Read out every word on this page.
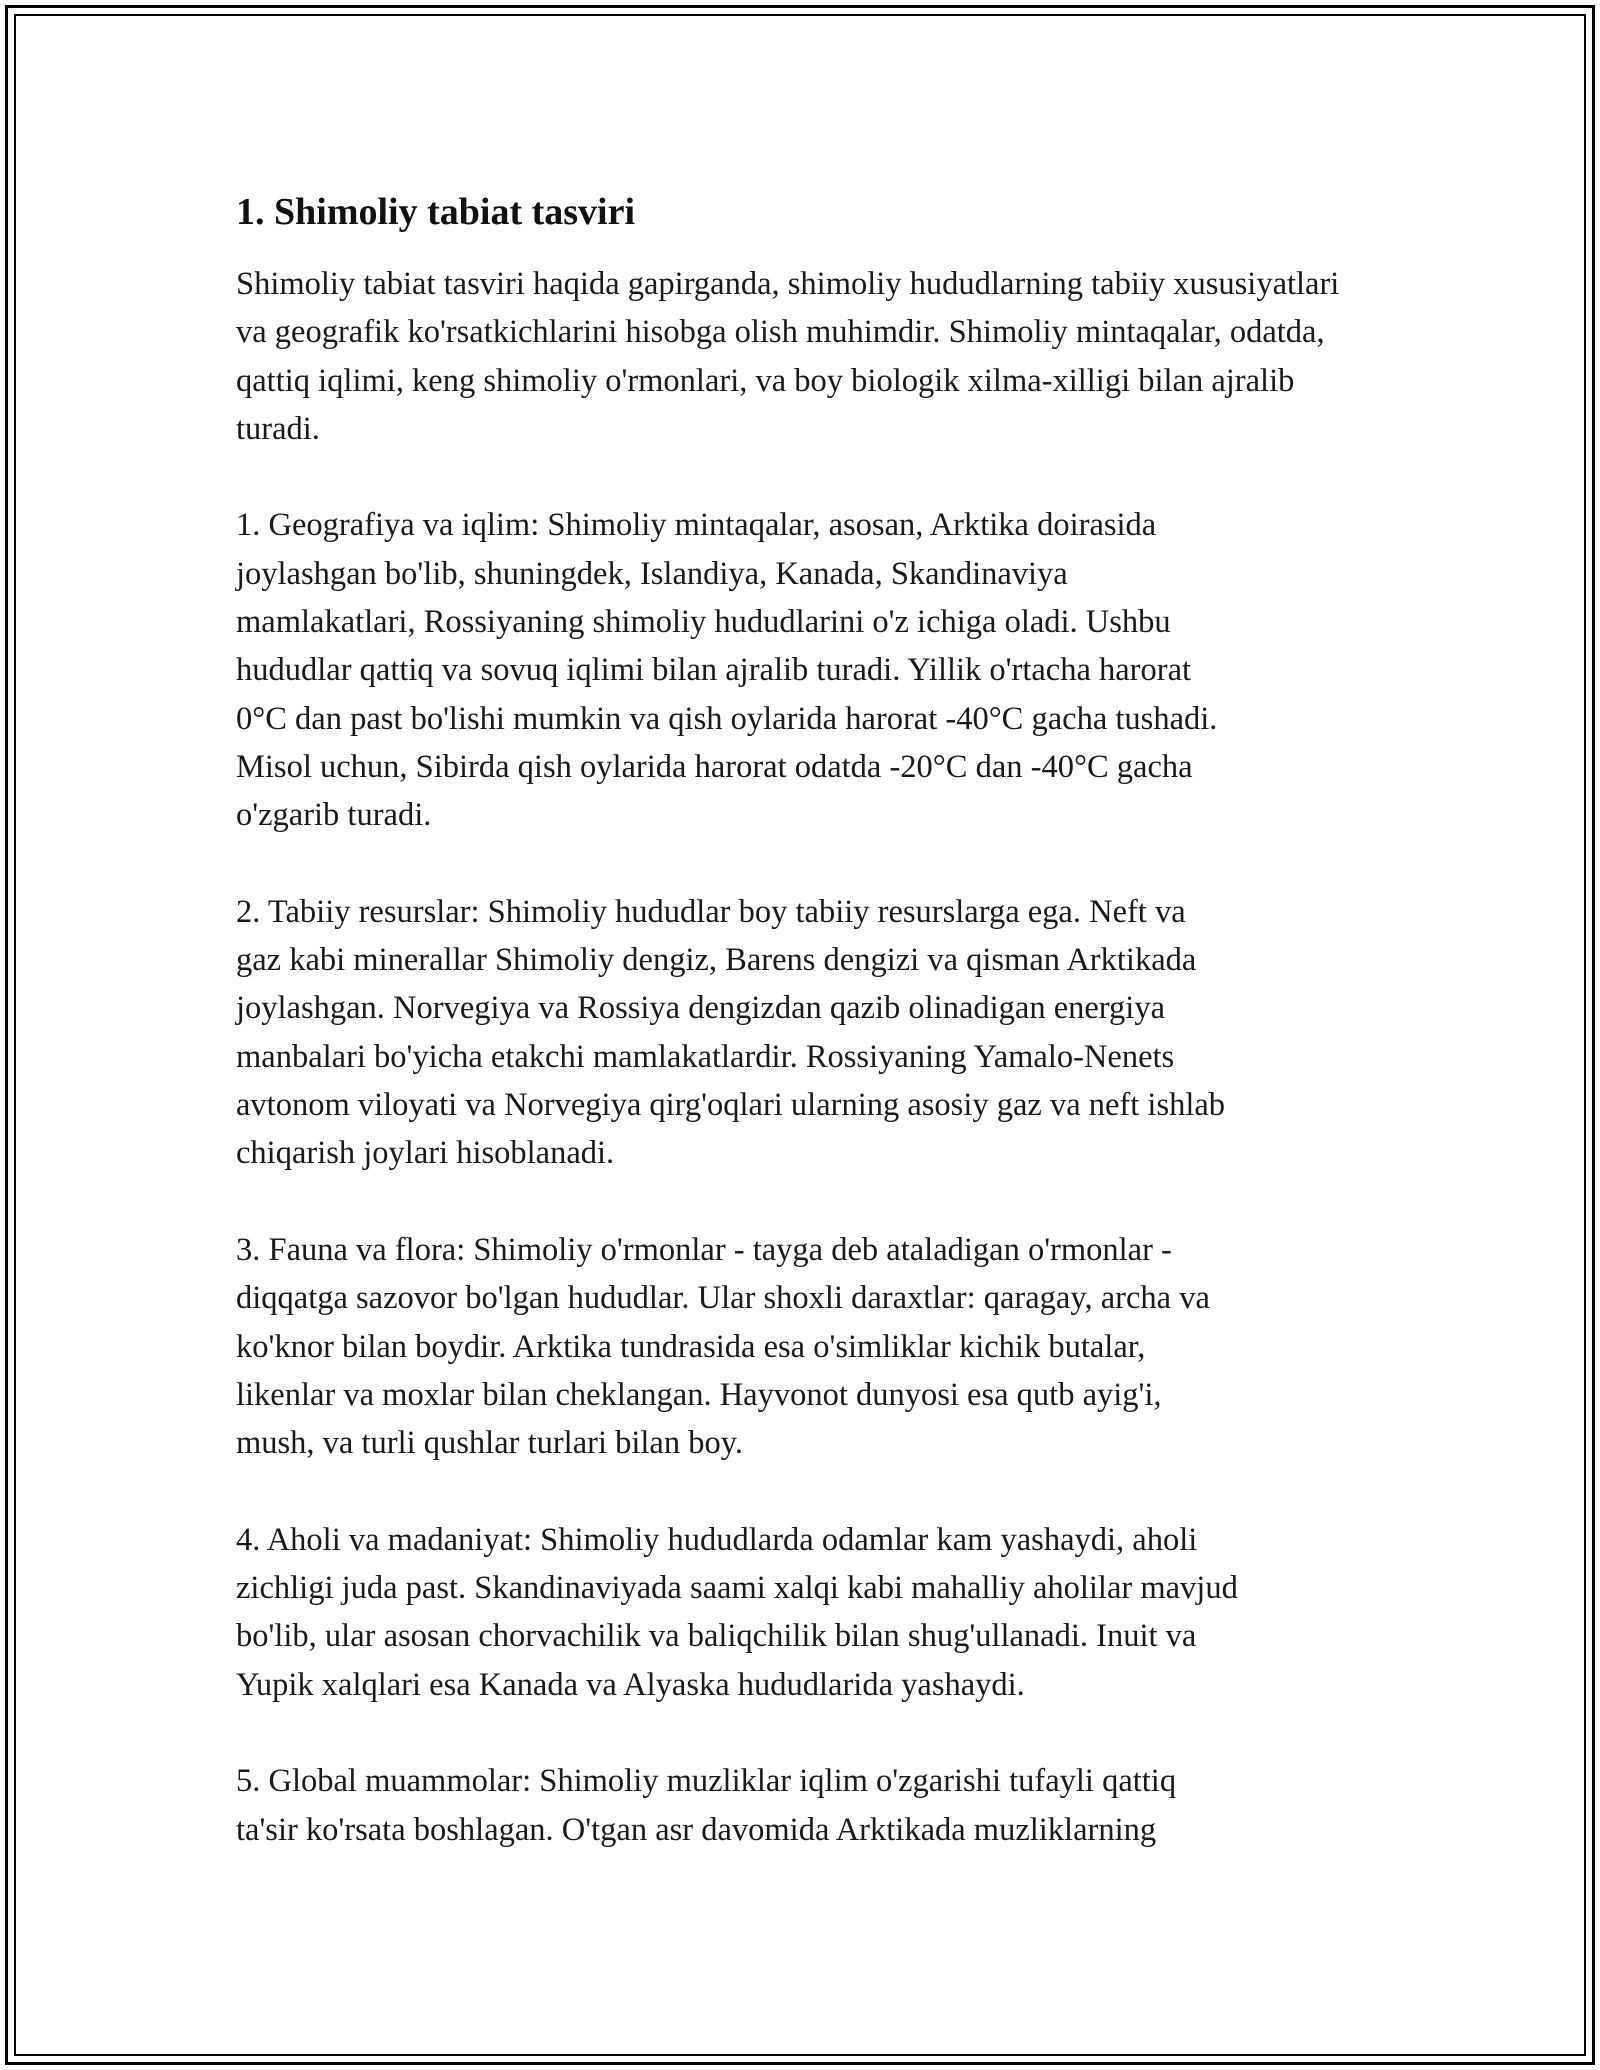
1. Shimoliy tabiat tasviri

Shimoliy tabiat tasviri haqida gapirganda, shimoliy hududlarning tabiiy xususiyatlari va geografik ko'rsatkichlarini hisobga olish muhimdir. Shimoliy mintaqalar, odatda, qattiq iqlimi, keng shimoliy o'rmonlari, va boy biologik xilma-xilligi bilan ajralib turadi.

1. Geografiya va iqlim: Shimoliy mintaqalar, asosan, Arktika doirasida
joylashgan bo'lib, shuningdek, Islandiya, Kanada, Skandinaviya
mamlakatlari, Rossiyaning shimoliy hududlarini o'z ichiga oladi. Ushbu
hududlar qattiq va sovuq iqlimi bilan ajralib turadi. Yillik o'rtacha harorat
0°C dan past bo'lishi mumkin va qish oylarida harorat -40°C gacha tushadi.
Misol uchun, Sibirda qish oylarida harorat odatda -20°C dan -40°C gacha
o'zgarib turadi.

2. Tabiiy resurslar: Shimoliy hududlar boy tabiiy resurslarga ega. Neft va
gaz kabi minerallar Shimoliy dengiz, Barens dengizi va qisman Arktikada
joylashgan. Norvegiya va Rossiya dengizdan qazib olinadigan energiya
manbalari bo'yicha etakchi mamlakatlardir. Rossiyaning Yamalo-Nenets
avtonom viloyati va Norvegiya qirg'oqlari ularning asosiy gaz va neft ishlab
chiqarish joylari hisoblanadi.

3. Fauna va flora: Shimoliy o'rmonlar - tayga deb ataladigan o'rmonlar -
diqqatga sazovor bo'lgan hududlar. Ular shoxli daraxtlar: qaragay, archa va
ko'knor bilan boydir. Arktika tundrasida esa o'simliklar kichik butalar,
likenlar va moxlar bilan cheklangan. Hayvonot dunyosi esa qutb ayig'i,
mush, va turli qushlar turlari bilan boy.

4. Aholi va madaniyat: Shimoliy hududlarda odamlar kam yashaydi, aholi
zichligi juda past. Skandinaviyada saami xalqi kabi mahalliy aholilar mavjud
bo'lib, ular asosan chorvachilik va baliqchilik bilan shug'ullanadi. Inuit va
Yupik xalqlari esa Kanada va Alyaska hududlarida yashaydi.

5. Global muammolar: Shimoliy muzliklar iqlim o'zgarishi tufayli qattiq
ta'sir ko'rsata boshlagan. O'tgan asr davomida Arktikada muzliklarning
